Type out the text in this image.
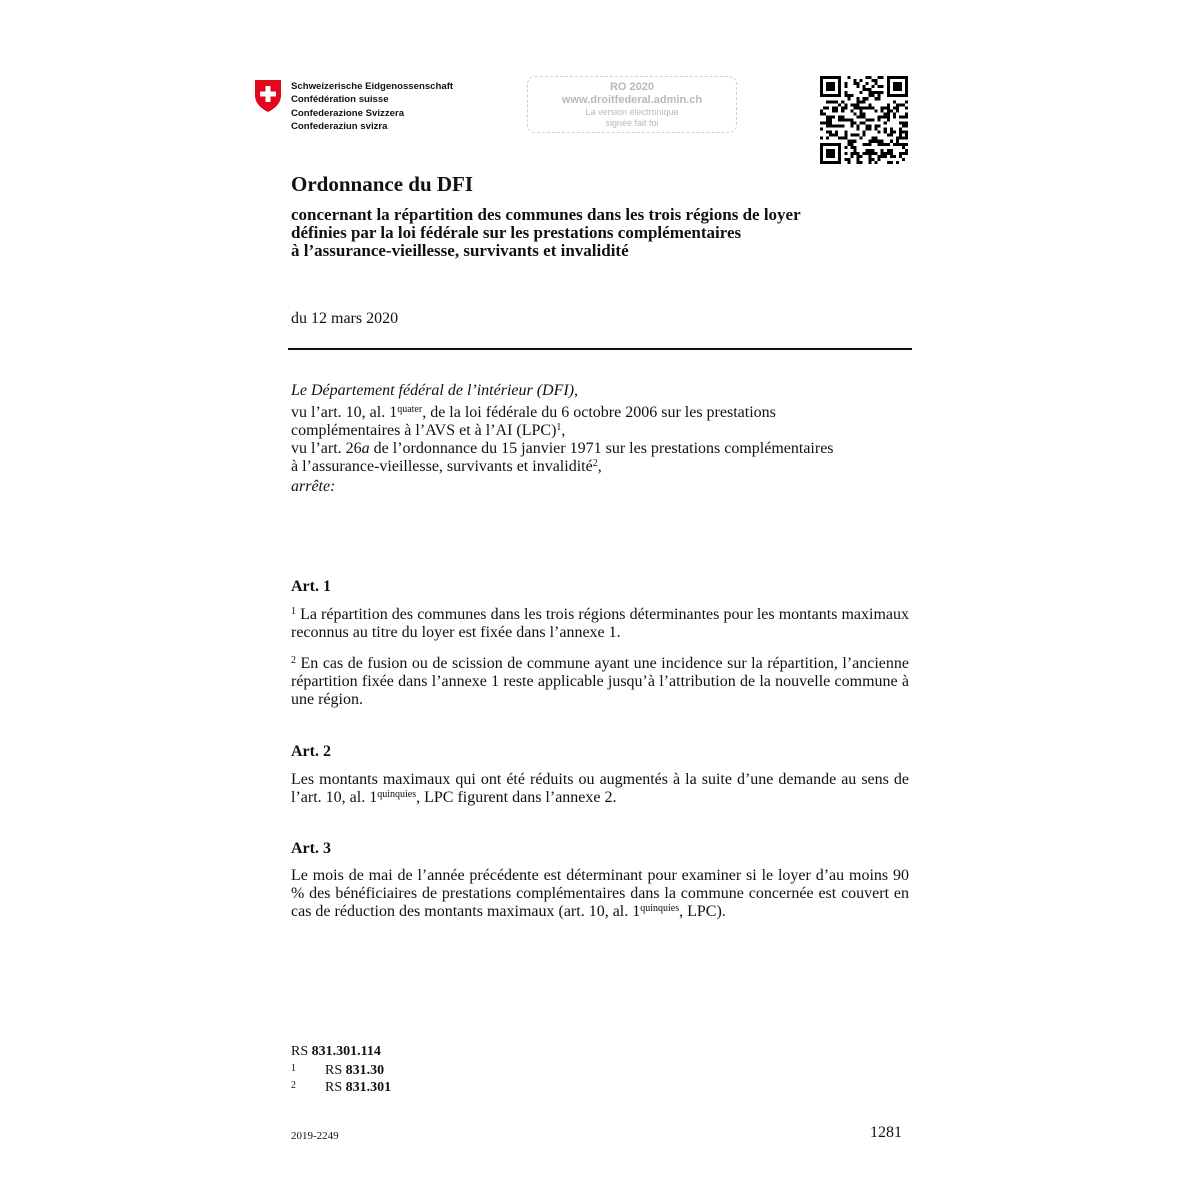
Schweizerische Eidgenossenschaft
Confédération suisse
Confederazione Svizzera
Confederaziun svizra
RO 2020
www.droitfederal.admin.ch
La version électronique
signée fait foi
Ordonnance du DFI
concernant la répartition des communes dans les trois régions de loyer
définies par la loi fédérale sur les prestations complémentaires
à l’assurance-vieillesse, survivants et invalidité
du 12 mars 2020
Le Département fédéral de l’intérieur (DFI),
vu l’art. 10, al. $1^{quater}$, de la loi fédérale du 6 octobre 2006 sur les prestations
complémentaires à l’AVS et à l’AI (LPC)$^1$,
vu l’art. 26a de l’ordonnance du 15 janvier 1971 sur les prestations complémentaires
à l’assurance-vieillesse, survivants et invalidité$^2$,
arrête:
Art. 1
$^1$ La répartition des communes dans les trois régions déterminantes pour les montants maximaux reconnus au titre du loyer est fixée dans l’annexe 1.
$^2$ En cas de fusion ou de scission de commune ayant une incidence sur la répartition, l’ancienne répartition fixée dans l’annexe 1 reste applicable jusqu’à l’attribution de la nouvelle commune à une région.
Art. 2
Les montants maximaux qui ont été réduits ou augmentés à la suite d’une demande au sens de l’art. 10, al. $1^{quinquies}$, LPC figurent dans l’annexe 2.
Art. 3
Le mois de mai de l’année précédente est déterminant pour examiner si le loyer d’au moins 90 % des bénéficiaires de prestations complémentaires dans la commune concernée est couvert en cas de réduction des montants maximaux (art. 10, al. $1^{quinquies}$, LPC).
RS 831.301.114
1 RS 831.30
2 RS 831.301
2019-2249	1281
